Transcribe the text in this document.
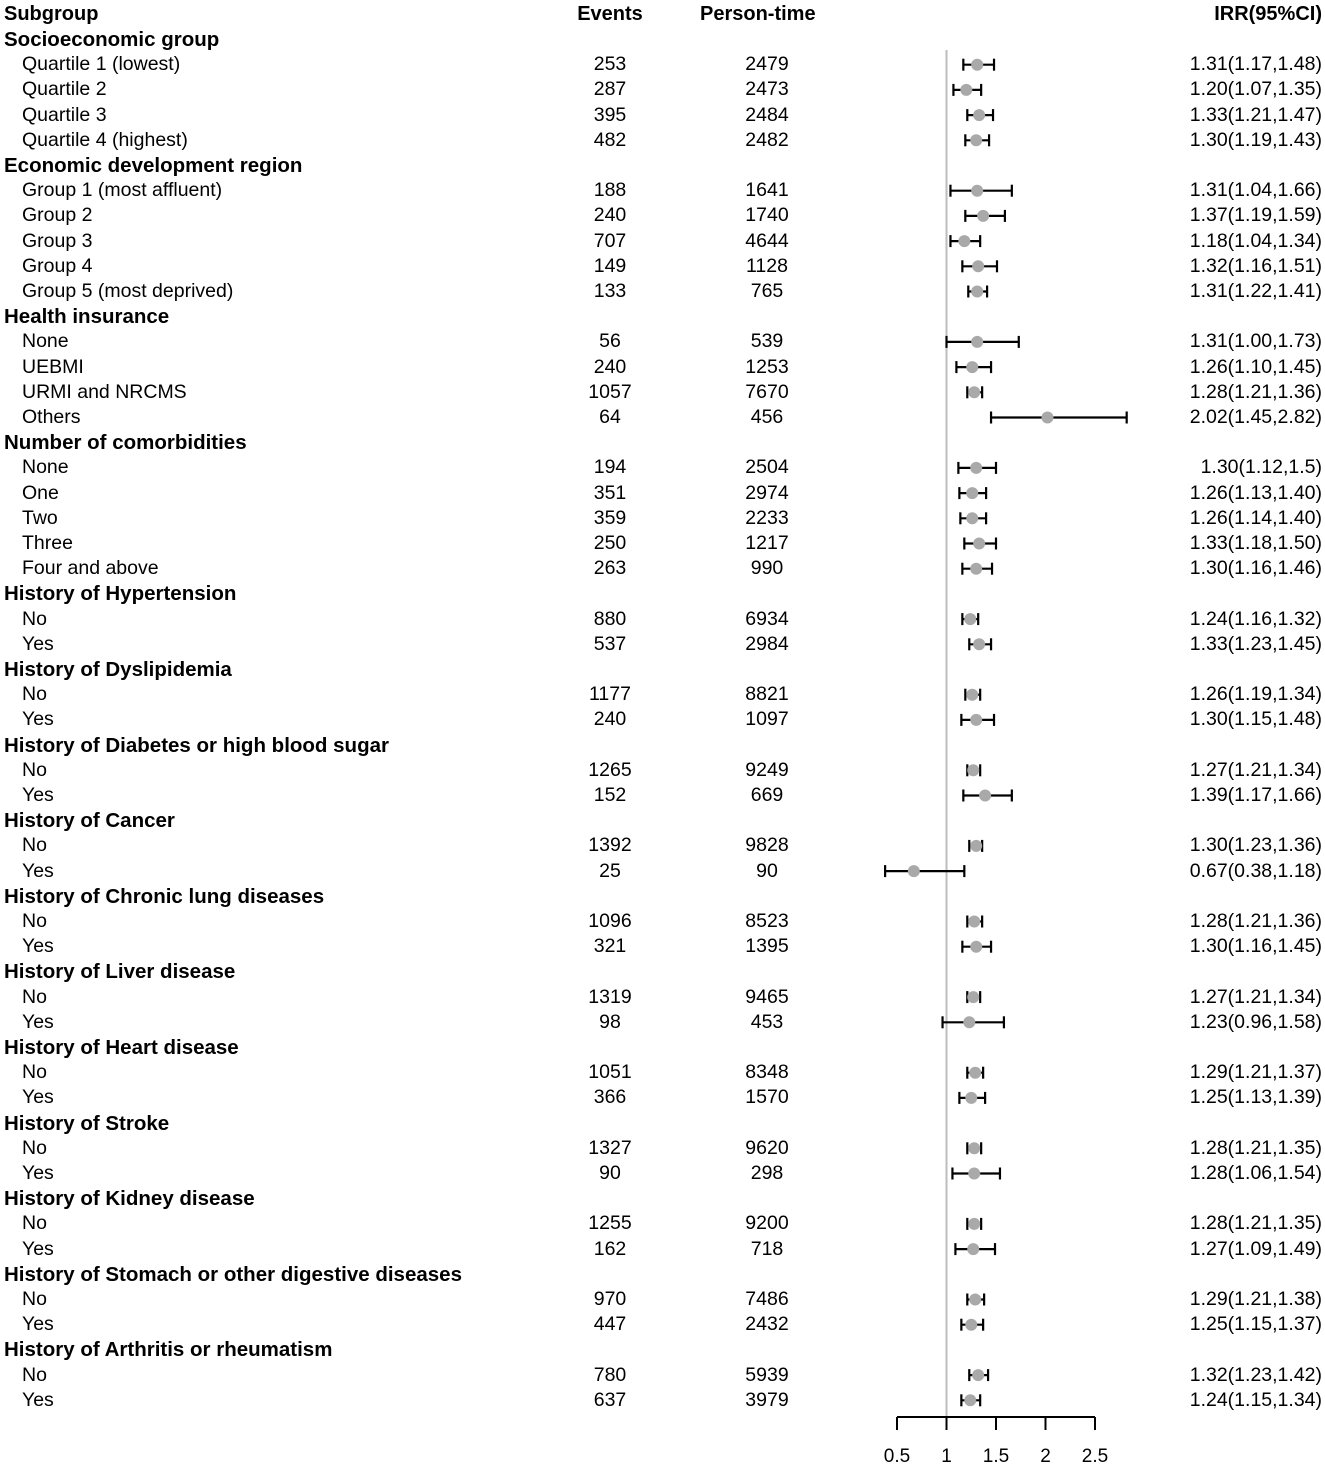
Subgroup	Events	Person-time	IRR(95%CI)
Socioeconomic group
Quartile 1 (lowest)	253	2479	1.31(1.17,1.48)
Quartile 2	287	2473	1.20(1.07,1.35)
Quartile 3	395	2484	1.33(1.21,1.47)
Quartile 4 (highest)	482	2482	1.30(1.19,1.43)
Economic development region
Group 1 (most affluent)	188	1641	1.31(1.04,1.66)
Group 2	240	1740	1.37(1.19,1.59)
Group 3	707	4644	1.18(1.04,1.34)
Group 4	149	1128	1.32(1.16,1.51)
Group 5 (most deprived)	133	765	1.31(1.22,1.41)
Health insurance
None	56	539	1.31(1.00,1.73)
UEBMI	240	1253	1.26(1.10,1.45)
URMI and NRCMS	1057	7670	1.28(1.21,1.36)
Others	64	456	2.02(1.45,2.82)
Number of comorbidities
None	194	2504	1.30(1.12,1.5)
One	351	2974	1.26(1.13,1.40)
Two	359	2233	1.26(1.14,1.40)
Three	250	1217	1.33(1.18,1.50)
Four and above	263	990	1.30(1.16,1.46)
History of Hypertension
No	880	6934	1.24(1.16,1.32)
Yes	537	2984	1.33(1.23,1.45)
History of Dyslipidemia
No	1177	8821	1.26(1.19,1.34)
Yes	240	1097	1.30(1.15,1.48)
History of Diabetes or high blood sugar
No	1265	9249	1.27(1.21,1.34)
Yes	152	669	1.39(1.17,1.66)
History of Cancer
No	1392	9828	1.30(1.23,1.36)
Yes	25	90	0.67(0.38,1.18)
History of Chronic lung diseases
No	1096	8523	1.28(1.21,1.36)
Yes	321	1395	1.30(1.16,1.45)
History of Liver disease
No	1319	9465	1.27(1.21,1.34)
Yes	98	453	1.23(0.96,1.58)
History of Heart disease
No	1051	8348	1.29(1.21,1.37)
Yes	366	1570	1.25(1.13,1.39)
History of Stroke
No	1327	9620	1.28(1.21,1.35)
Yes	90	298	1.28(1.06,1.54)
History of Kidney disease
No	1255	9200	1.28(1.21,1.35)
Yes	162	718	1.27(1.09,1.49)
History of Stomach or other digestive diseases
No	970	7486	1.29(1.21,1.38)
Yes	447	2432	1.25(1.15,1.37)
History of Arthritis or rheumatism
No	780	5939	1.32(1.23,1.42)
Yes	637	3979	1.24(1.15,1.34)
0.5 1 1.5 2 2.5
